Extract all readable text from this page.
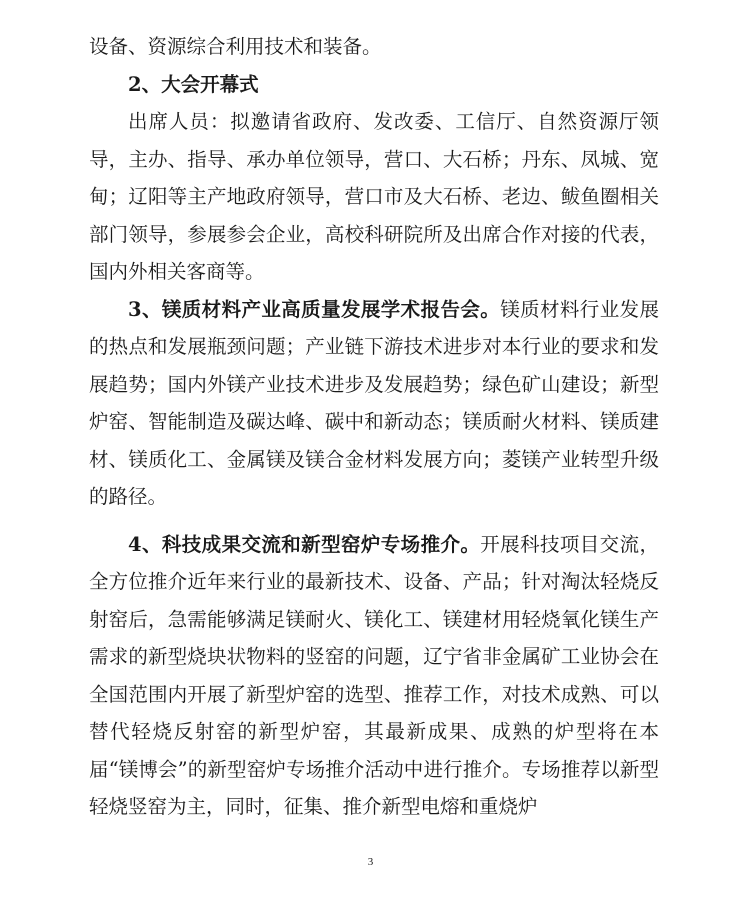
设备、资源综合利用技术和装备。

2、大会开幕式

出席人员：拟邀请省政府、发改委、工信厅、自然资源厅领导，主办、指导、承办单位领导，营口、大石桥；丹东、凤城、宽甸；辽阳等主产地政府领导，营口市及大石桥、老边、鲅鱼圈相关部门领导，参展参会企业，高校科研院所及出席合作对接的代表，国内外相关客商等。

3、镁质材料产业高质量发展学术报告会。镁质材料行业发展的热点和发展瓶颈问题；产业链下游技术进步对本行业的要求和发展趋势；国内外镁产业技术进步及发展趋势；绿色矿山建设；新型炉窑、智能制造及碳达峰、碳中和新动态；镁质耐火材料、镁质建材、镁质化工、金属镁及镁合金材料发展方向；菱镁产业转型升级的路径。

4、科技成果交流和新型窑炉专场推介。开展科技项目交流，全方位推介近年来行业的最新技术、设备、产品；针对淘汰轻烧反射窑后，急需能够满足镁耐火、镁化工、镁建材用轻烧氧化镁生产需求的新型烧块状物料的竖窑的问题，辽宁省非金属矿工业协会在全国范围内开展了新型炉窑的选型、推荐工作，对技术成熟、可以替代轻烧反射窑的新型炉窑，其最新成果、成熟的炉型将在本届“镁博会”的新型窑炉专场推介活动中进行推介。专场推荐以新型轻烧竖窑为主，同时，征集、推介新型电熔和重烧炉

3
